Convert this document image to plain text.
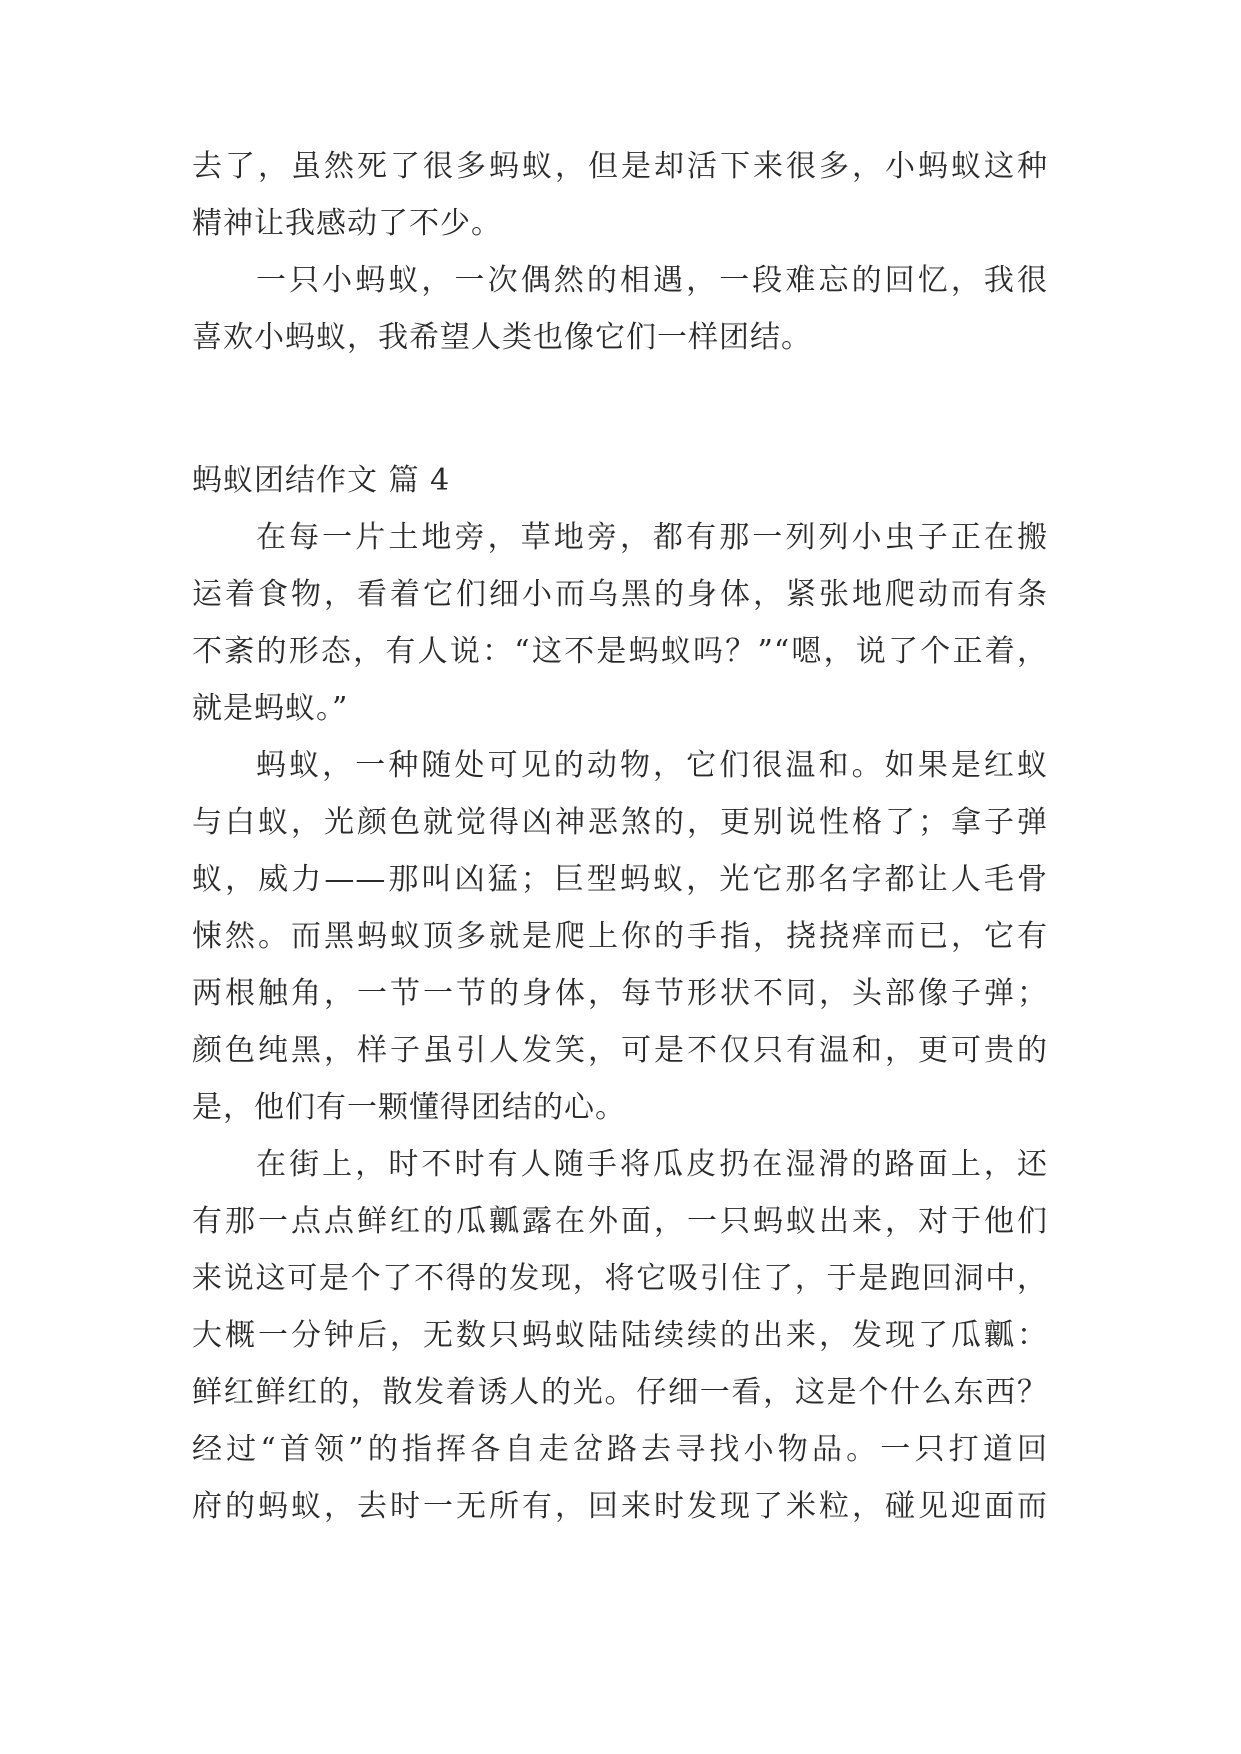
去了，虽然死了很多蚂蚁，但是却活下来很多，小蚂蚁这种
精神让我感动了不少。
一只小蚂蚁，一次偶然的相遇，一段难忘的回忆，我很
喜欢小蚂蚁，我希望人类也像它们一样团结。
蚂蚁团结作文 篇 4
在每一片土地旁，草地旁，都有那一列列小虫子正在搬
运着食物，看着它们细小而乌黑的身体，紧张地爬动而有条
不紊的形态，有人说：“这不是蚂蚁吗？”“嗯，说了个正着，
就是蚂蚁。”
蚂蚁，一种随处可见的动物，它们很温和。如果是红蚁
与白蚁，光颜色就觉得凶神恶煞的，更别说性格了；拿子弹
蚁，威力——那叫凶猛；巨型蚂蚁，光它那名字都让人毛骨
悚然。而黑蚂蚁顶多就是爬上你的手指，挠挠痒而已，它有
两根触角，一节一节的身体，每节形状不同，头部像子弹；
颜色纯黑，样子虽引人发笑，可是不仅只有温和，更可贵的
是，他们有一颗懂得团结的心。
在街上，时不时有人随手将瓜皮扔在湿滑的路面上，还
有那一点点鲜红的瓜瓤露在外面，一只蚂蚁出来，对于他们
来说这可是个了不得的发现，将它吸引住了，于是跑回洞中，
大概一分钟后，无数只蚂蚁陆陆续续的出来，发现了瓜瓤：
鲜红鲜红的，散发着诱人的光。仔细一看，这是个什么东西？
经过“首领”的指挥各自走岔路去寻找小物品。一只打道回
府的蚂蚁，去时一无所有，回来时发现了米粒，碰见迎面而
